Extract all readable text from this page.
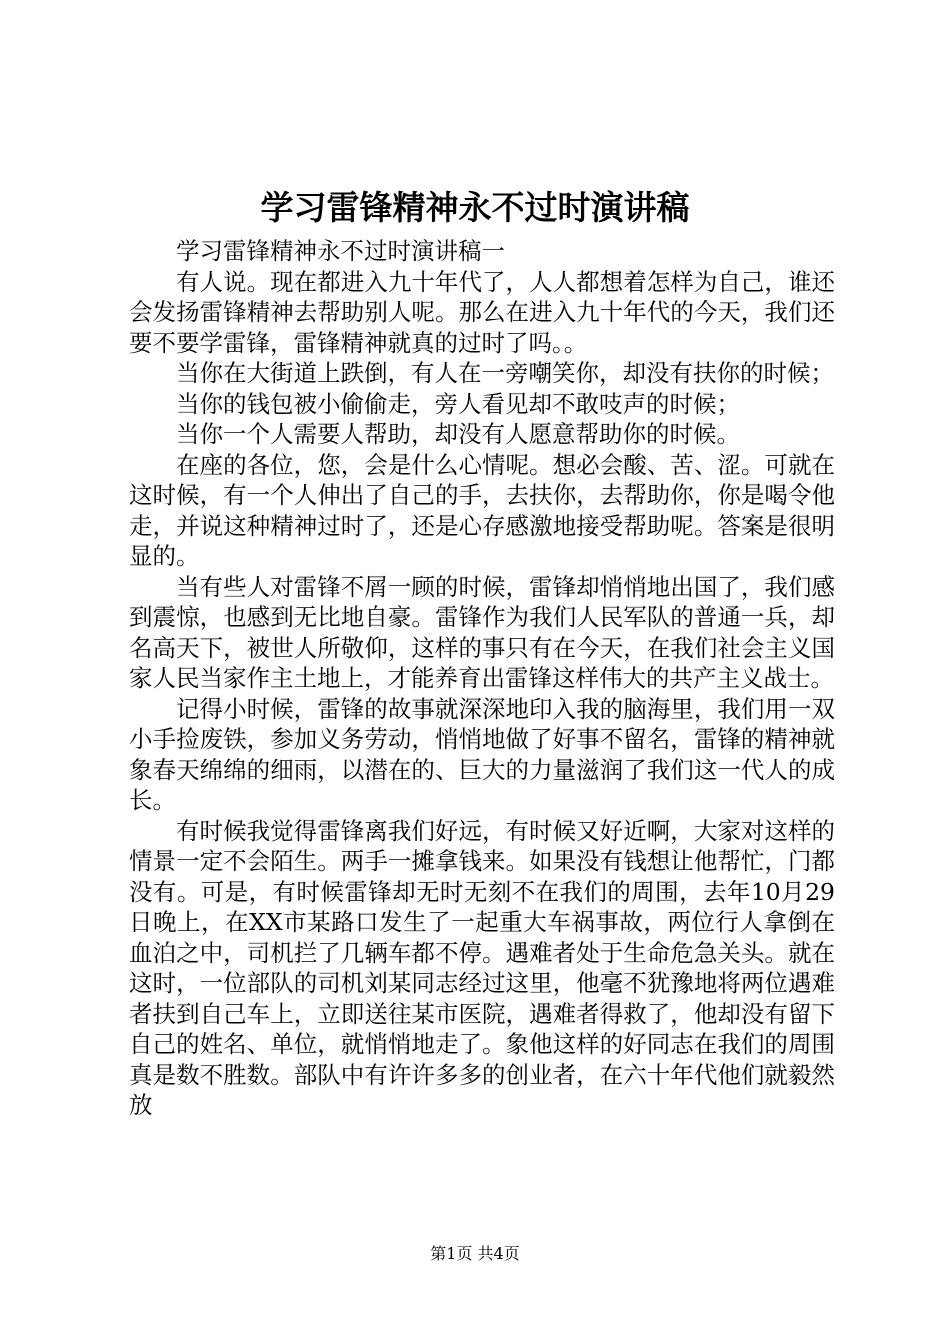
学习雷锋精神永不过时演讲稿

学习雷锋精神永不过时演讲稿一

有人说。现在都进入九十年代了，人人都想着怎样为自己，谁还会发扬雷锋精神去帮助别人呢。那么在进入九十年代的今天，我们还要不要学雷锋，雷锋精神就真的过时了吗。。

当你在大街道上跌倒，有人在一旁嘲笑你，却没有扶你的时候；

当你的钱包被小偷偷走，旁人看见却不敢吱声的时候；

当你一个人需要人帮助，却没有人愿意帮助你的时候。

在座的各位，您，会是什么心情呢。想必会酸、苦、涩。可就在这时候，有一个人伸出了自己的手，去扶你，去帮助你，你是喝令他走，并说这种精神过时了，还是心存感激地接受帮助呢。答案是很明显的。

当有些人对雷锋不屑一顾的时候，雷锋却悄悄地出国了，我们感到震惊，也感到无比地自豪。雷锋作为我们人民军队的普通一兵，却名高天下，被世人所敬仰，这样的事只有在今天，在我们社会主义国家人民当家作主土地上，才能养育出雷锋这样伟大的共产主义战士。

记得小时候，雷锋的故事就深深地印入我的脑海里，我们用一双小手捡废铁，参加义务劳动，悄悄地做了好事不留名，雷锋的精神就象春天绵绵的细雨，以潜在的、巨大的力量滋润了我们这一代人的成长。

有时候我觉得雷锋离我们好远，有时候又好近啊，大家对这样的情景一定不会陌生。两手一摊拿钱来。如果没有钱想让他帮忙，门都没有。可是，有时候雷锋却无时无刻不在我们的周围，去年10月29日晚上，在XX市某路口发生了一起重大车祸事故，两位行人拿倒在血泊之中，司机拦了几辆车都不停。遇难者处于生命危急关头。就在这时，一位部队的司机刘某同志经过这里，他毫不犹豫地将两位遇难者扶到自己车上，立即送往某市医院，遇难者得救了，他却没有留下自己的姓名、单位，就悄悄地走了。象他这样的好同志在我们的周围真是数不胜数。部队中有许许多多的创业者，在六十年代他们就毅然放

第1页 共4页
